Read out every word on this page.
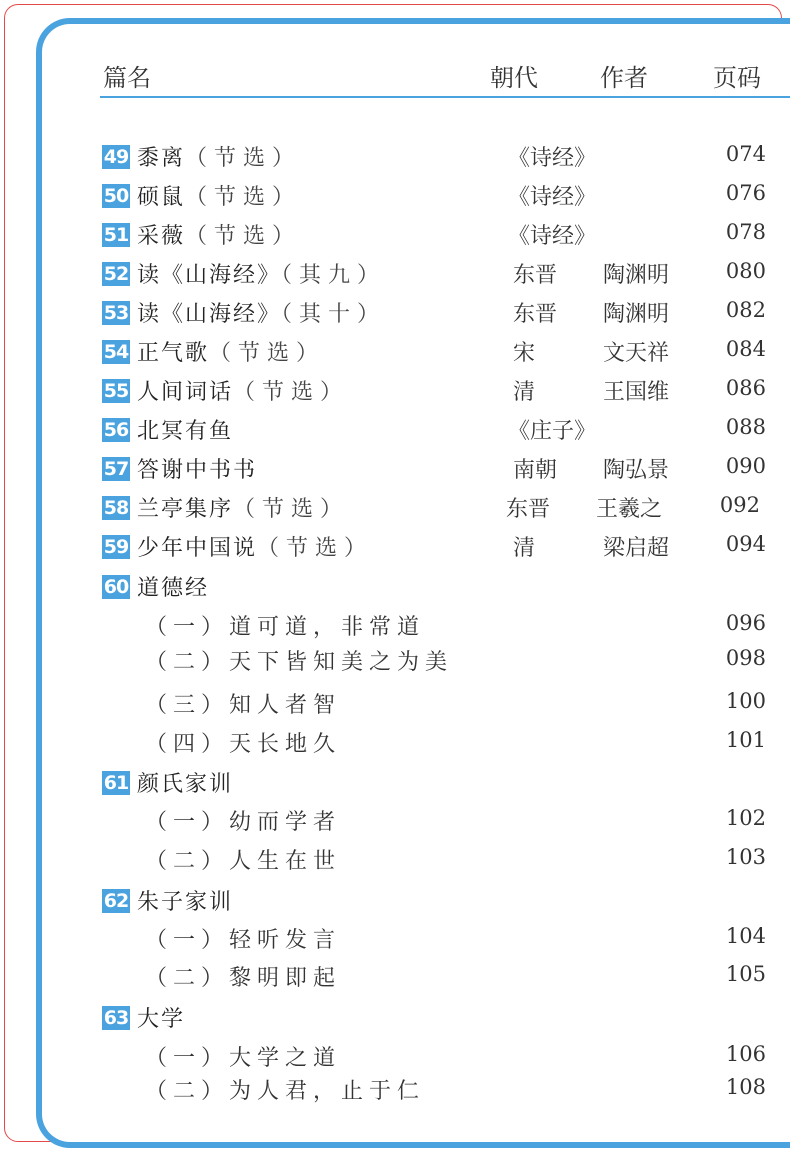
篇名	朝代	作者	页码
49 黍离（节选）	《诗经》	074
50 硕鼠（节选）	《诗经》	076
51 采薇（节选）	《诗经》	078
52 读《山海经》（其九）	东晋 陶渊明	080
53 读《山海经》（其十）	东晋 陶渊明	082
54 正气歌（节选）	宋	文天祥	084
55 人间词话（节选）	清	王国维	086
56 北冥有鱼	《庄子》	088
57 答谢中书书	南朝 陶弘景	090
58 兰亭集序（节选）	东晋 王羲之	092
59 少年中国说（节选）	清	梁启超	094
60 道德经
（一）道可道，非常道	096
（二）天下皆知美之为美	098
（三）知人者智	100
（四）天长地久	101
61 颜氏家训
（一）幼而学者	102
（二）人生在世	103
62 朱子家训
（一）轻听发言	104
（二）黎明即起	105
63 大学
（一）大学之道	106
（二）为人君，止于仁	108
